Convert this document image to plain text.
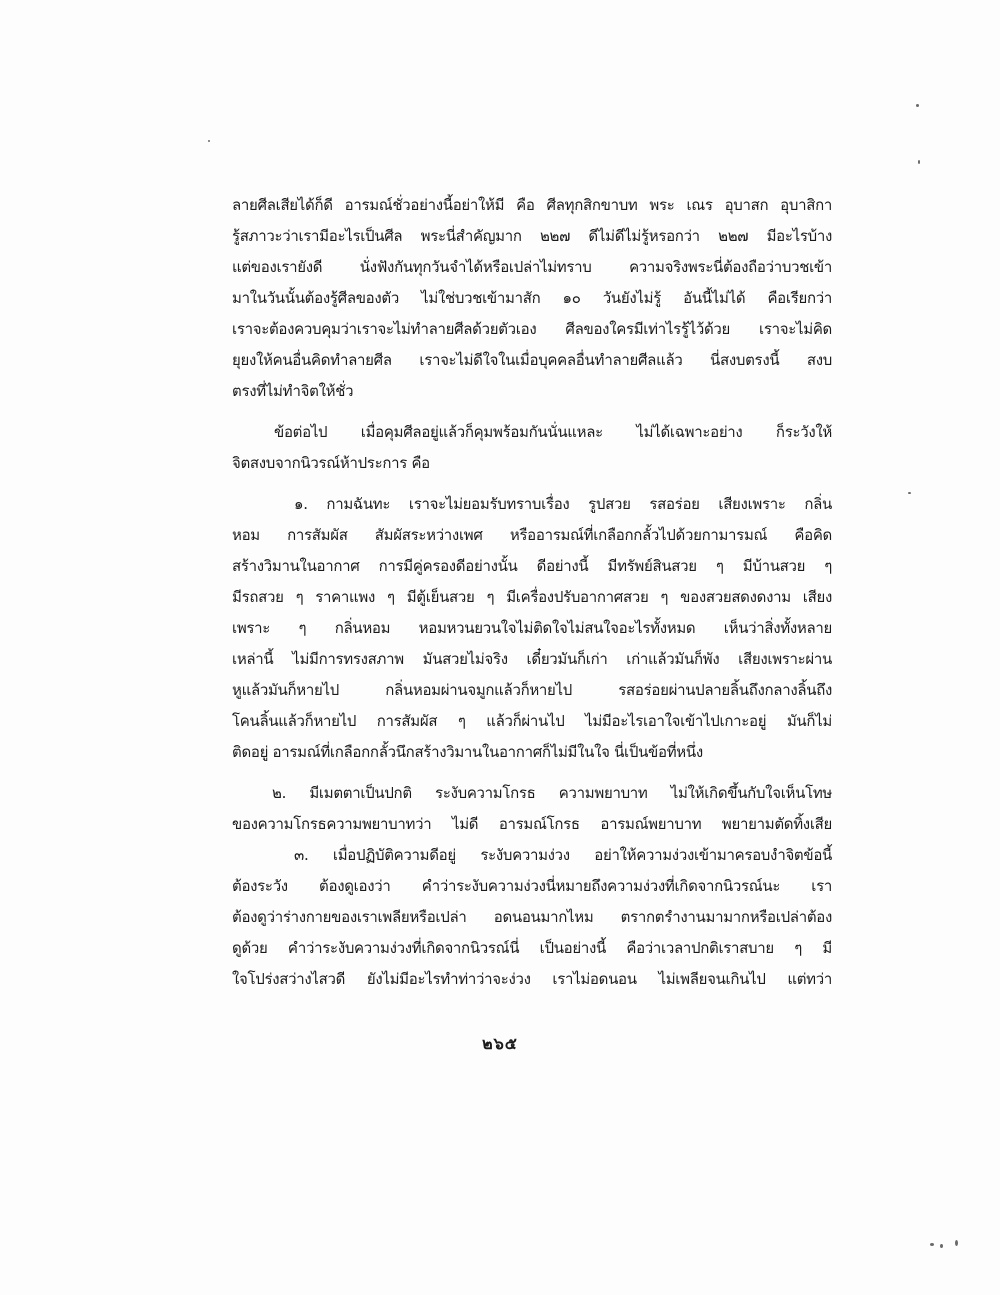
ลายศีลเสียได้ก็ดี อารมณ์ชั่วอย่างนี้อย่าให้มี คือ ศีลทุกสิกขาบท พระ เณร อุบาสก อุบาสิกา
รู้สภาวะว่าเรามีอะไรเป็นศีล พระนี่สำคัญมาก ๒๒๗ ดีไม่ดีไม่รู้หรอกว่า ๒๒๗ มีอะไรบ้าง
แต่ของเรายังดี นั่งฟังกันทุกวันจำได้หรือเปล่าไม่ทราบ ความจริงพระนี่ต้องถือว่าบวชเข้า
มาในวันนั้นต้องรู้ศีลของตัว ไม่ใช่บวชเข้ามาสัก ๑๐ วันยังไม่รู้ อันนี้ไม่ได้ คือเรียกว่า
เราจะต้องควบคุมว่าเราจะไม่ทำลายศีลด้วยตัวเอง ศีลของใครมีเท่าไรรู้ไว้ด้วย เราจะไม่คิด
ยุยงให้คนอื่นคิดทำลายศีล เราจะไม่ดีใจในเมื่อบุคคลอื่นทำลายศีลแล้ว นี่สงบตรงนี้ สงบ
ตรงที่ไม่ทำจิตให้ชั่ว
ข้อต่อไป เมื่อคุมศีลอยู่แล้วก็คุมพร้อมกันนั่นแหละ ไม่ได้เฉพาะอย่าง ก็ระวังให้
จิตสงบจากนิวรณ์ห้าประการ คือ
๑. กามฉันทะ เราจะไม่ยอมรับทราบเรื่อง รูปสวย รสอร่อย เสียงเพราะ กลิ่น
หอม การสัมผัส สัมผัสระหว่างเพศ หรืออารมณ์ที่เกลือกกลั้วไปด้วยกามารมณ์ คือคิด
สร้างวิมานในอากาศ การมีคู่ครองดีอย่างนั้น ดีอย่างนี้ มีทรัพย์สินสวย ๆ มีบ้านสวย ๆ
มีรถสวย ๆ ราคาแพง ๆ มีตู้เย็นสวย ๆ มีเครื่องปรับอากาศสวย ๆ ของสวยสดงดงาม เสียง
เพราะ ๆ กลิ่นหอม หอมหวนยวนใจไม่ติดใจไม่สนใจอะไรทั้งหมด เห็นว่าสิ่งทั้งหลาย
เหล่านี้ ไม่มีการทรงสภาพ มันสวยไม่จริง เดี๋ยวมันก็เก่า เก่าแล้วมันก็พัง เสียงเพราะผ่าน
หูแล้วมันก็หายไป กลิ่นหอมผ่านจมูกแล้วก็หายไป รสอร่อยผ่านปลายลิ้นถึงกลางลิ้นถึง
โคนลิ้นแล้วก็หายไป การสัมผัส ๆ แล้วก็ผ่านไป ไม่มีอะไรเอาใจเข้าไปเกาะอยู่ มันก็ไม่
ติดอยู่ อารมณ์ที่เกลือกกลั้วนึกสร้างวิมานในอากาศก็ไม่มีในใจ นี่เป็นข้อที่หนึ่ง
๒. มีเมตตาเป็นปกติ ระงับความโกรธ ความพยาบาท ไม่ให้เกิดขึ้นกับใจเห็นโทษ
ของความโกรธความพยาบาทว่า ไม่ดี อารมณ์โกรธ อารมณ์พยาบาท พยายามตัดทิ้งเสีย
๓. เมื่อปฏิบัติความดีอยู่ ระงับความง่วง อย่าให้ความง่วงเข้ามาครอบงำจิตข้อนี้
ต้องระวัง ต้องดูเองว่า คำว่าระงับความง่วงนี่หมายถึงความง่วงที่เกิดจากนิวรณ์นะ เรา
ต้องดูว่าร่างกายของเราเพลียหรือเปล่า อดนอนมากไหม ตรากตรำงานมามากหรือเปล่าต้อง
ดูด้วย คำว่าระงับความง่วงที่เกิดจากนิวรณ์นี่ เป็นอย่างนี้ คือว่าเวลาปกติเราสบาย ๆ มี
ใจโปร่งสว่างไสวดี ยังไม่มีอะไรทำท่าว่าจะง่วง เราไม่อดนอน ไม่เพลียจนเกินไป แต่ทว่า
๒๖๕
